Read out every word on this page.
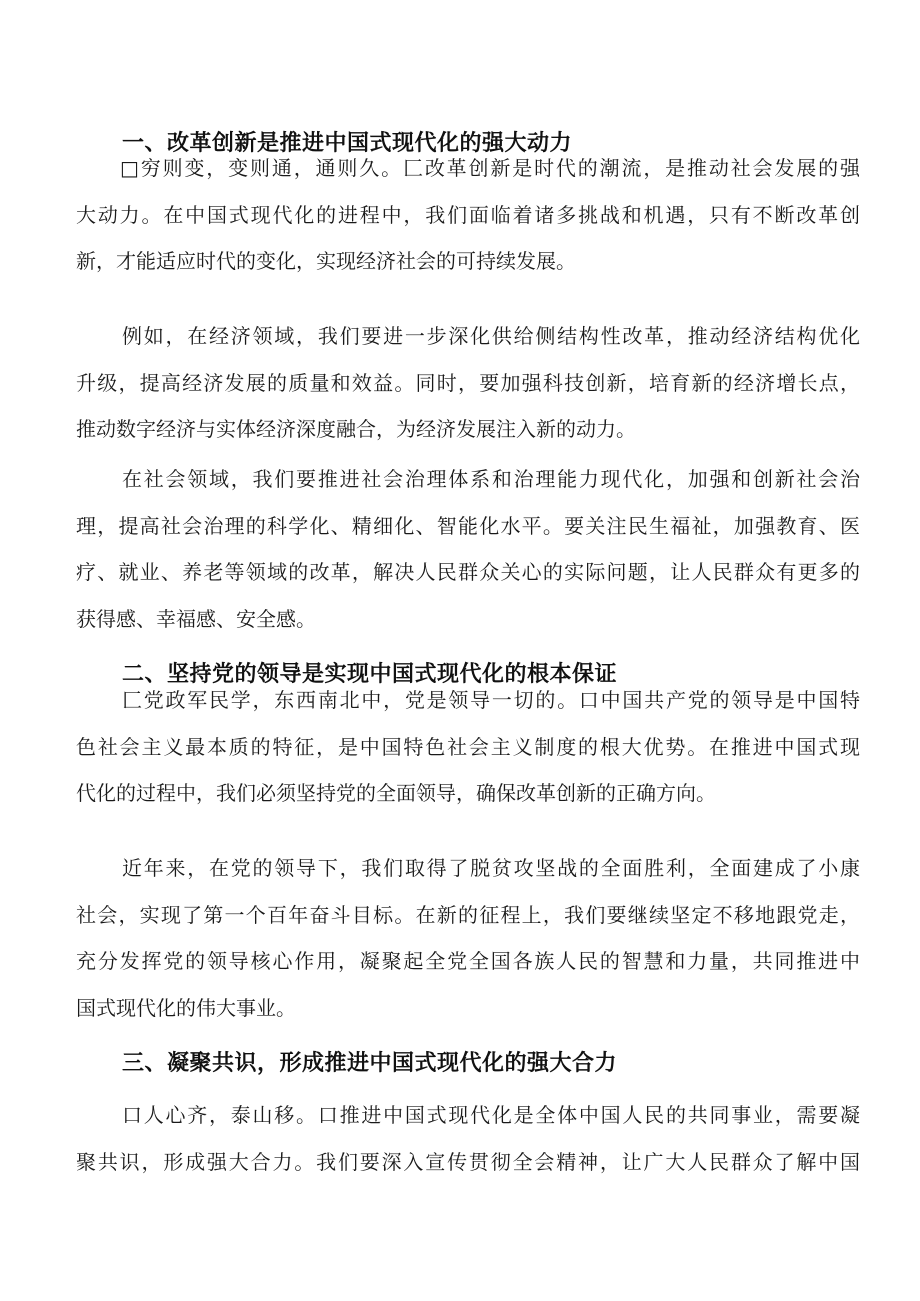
一、改革创新是推进中国式现代化的强大动力
□穷则变，变则通，通则久。匚改革创新是时代的潮流，是推动社会发展的强
大动力。在中国式现代化的进程中，我们面临着诸多挑战和机遇，只有不断改革创
新，才能适应时代的变化，实现经济社会的可持续发展。
例如，在经济领域，我们要进一步深化供给侧结构性改革，推动经济结构优化
升级，提高经济发展的质量和效益。同时，要加强科技创新，培育新的经济增长点，
推动数字经济与实体经济深度融合，为经济发展注入新的动力。
在社会领域，我们要推进社会治理体系和治理能力现代化，加强和创新社会治
理，提高社会治理的科学化、精细化、智能化水平。要关注民生福祉，加强教育、医
疗、就业、养老等领域的改革，解决人民群众关心的实际问题，让人民群众有更多的
获得感、幸福感、安全感。
二、坚持党的领导是实现中国式现代化的根本保证
匚党政军民学，东西南北中，党是领导一切的。口中国共产党的领导是中国特
色社会主义最本质的特征，是中国特色社会主义制度的根大优势。在推进中国式现
代化的过程中，我们必须坚持党的全面领导，确保改革创新的正确方向。
近年来，在党的领导下，我们取得了脱贫攻坚战的全面胜利，全面建成了小康
社会，实现了第一个百年奋斗目标。在新的征程上，我们要继续坚定不移地跟党走，
充分发挥党的领导核心作用，凝聚起全党全国各族人民的智慧和力量，共同推进中
国式现代化的伟大事业。
三、凝聚共识，形成推进中国式现代化的强大合力
口人心齐，泰山移。口推进中国式现代化是全体中国人民的共同事业，需要凝
聚共识，形成强大合力。我们要深入宣传贯彻全会精神，让广大人民群众了解中国
